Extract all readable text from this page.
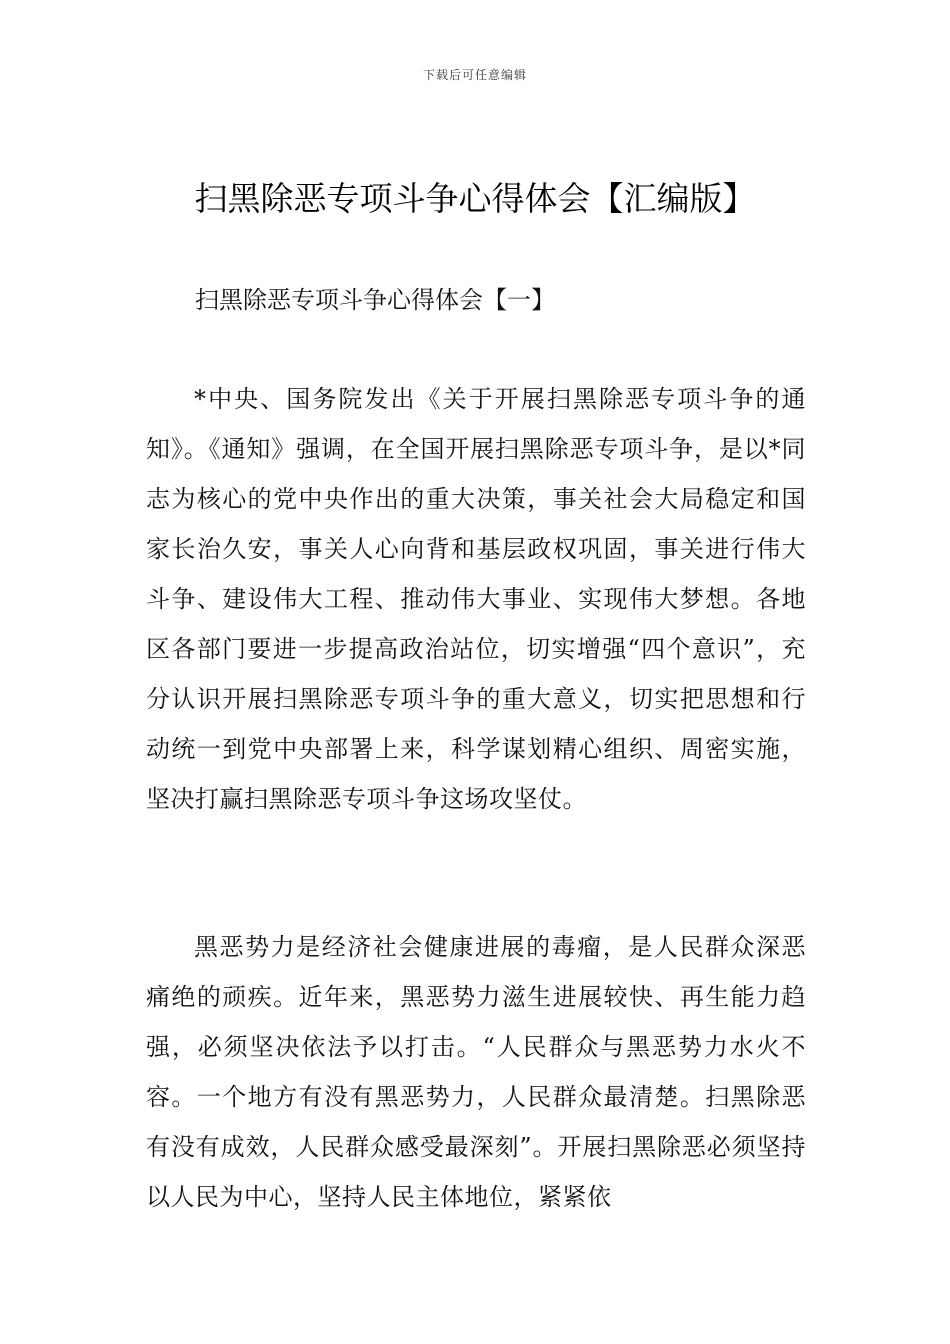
下载后可任意编辑
扫黑除恶专项斗争心得体会【汇编版】
扫黑除恶专项斗争心得体会【一】

*中央、国务院发出《关于开展扫黑除恶专项斗争的通知》。《通知》强调，在全国开展扫黑除恶专项斗争，是以*同志为核心的党中央作出的重大决策，事关社会大局稳定和国家长治久安，事关人心向背和基层政权巩固，事关进行伟大斗争、建设伟大工程、推动伟大事业、实现伟大梦想。各地区各部门要进一步提高政治站位，切实增强“四个意识”，充分认识开展扫黑除恶专项斗争的重大意义，切实把思想和行动统一到党中央部署上来，科学谋划精心组织、周密实施，坚决打赢扫黑除恶专项斗争这场攻坚仗。

黑恶势力是经济社会健康进展的毒瘤，是人民群众深恶痛绝的顽疾。近年来，黑恶势力滋生进展较快、再生能力趋强，必须坚决依法予以打击。“人民群众与黑恶势力水火不容。一个地方有没有黑恶势力，人民群众最清楚。扫黑除恶有没有成效，人民群众感受最深刻”。开展扫黑除恶必须坚持以人民为中心，坚持人民主体地位，紧紧依
